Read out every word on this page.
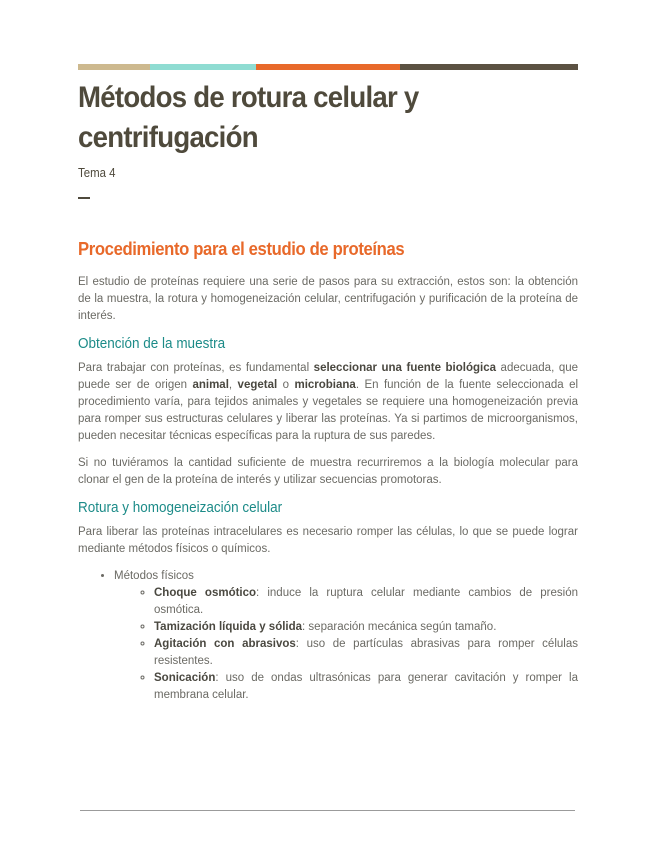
Métodos de rotura celular y centrifugación
Tema 4
Procedimiento para el estudio de proteínas

El estudio de proteínas requiere una serie de pasos para su extracción, estos son: la obtención de la muestra, la rotura y homogeneización celular, centrifugación y purificación de la proteína de interés.

Obtención de la muestra

Para trabajar con proteínas, es fundamental seleccionar una fuente biológica adecuada, que puede ser de origen animal, vegetal o microbiana. En función de la fuente seleccionada el procedimiento varía, para tejidos animales y vegetales se requiere una homogeneización previa para romper sus estructuras celulares y liberar las proteínas. Ya si partimos de microorganismos, pueden necesitar técnicas específicas para la ruptura de sus paredes.

Si no tuviéramos la cantidad suficiente de muestra recurriremos a la biología molecular para clonar el gen de la proteína de interés y utilizar secuencias promotoras.

Rotura y homogeneización celular

Para liberar las proteínas intracelulares es necesario romper las células, lo que se puede lograr mediante métodos físicos o químicos.

• Métodos físicos
◦ Choque osmótico: induce la ruptura celular mediante cambios de presión osmótica.
◦ Tamización líquida y sólida: separación mecánica según tamaño.
◦ Agitación con abrasivos: uso de partículas abrasivas para romper células resistentes.
◦ Sonicación: uso de ondas ultrasónicas para generar cavitación y romper la membrana celular.
